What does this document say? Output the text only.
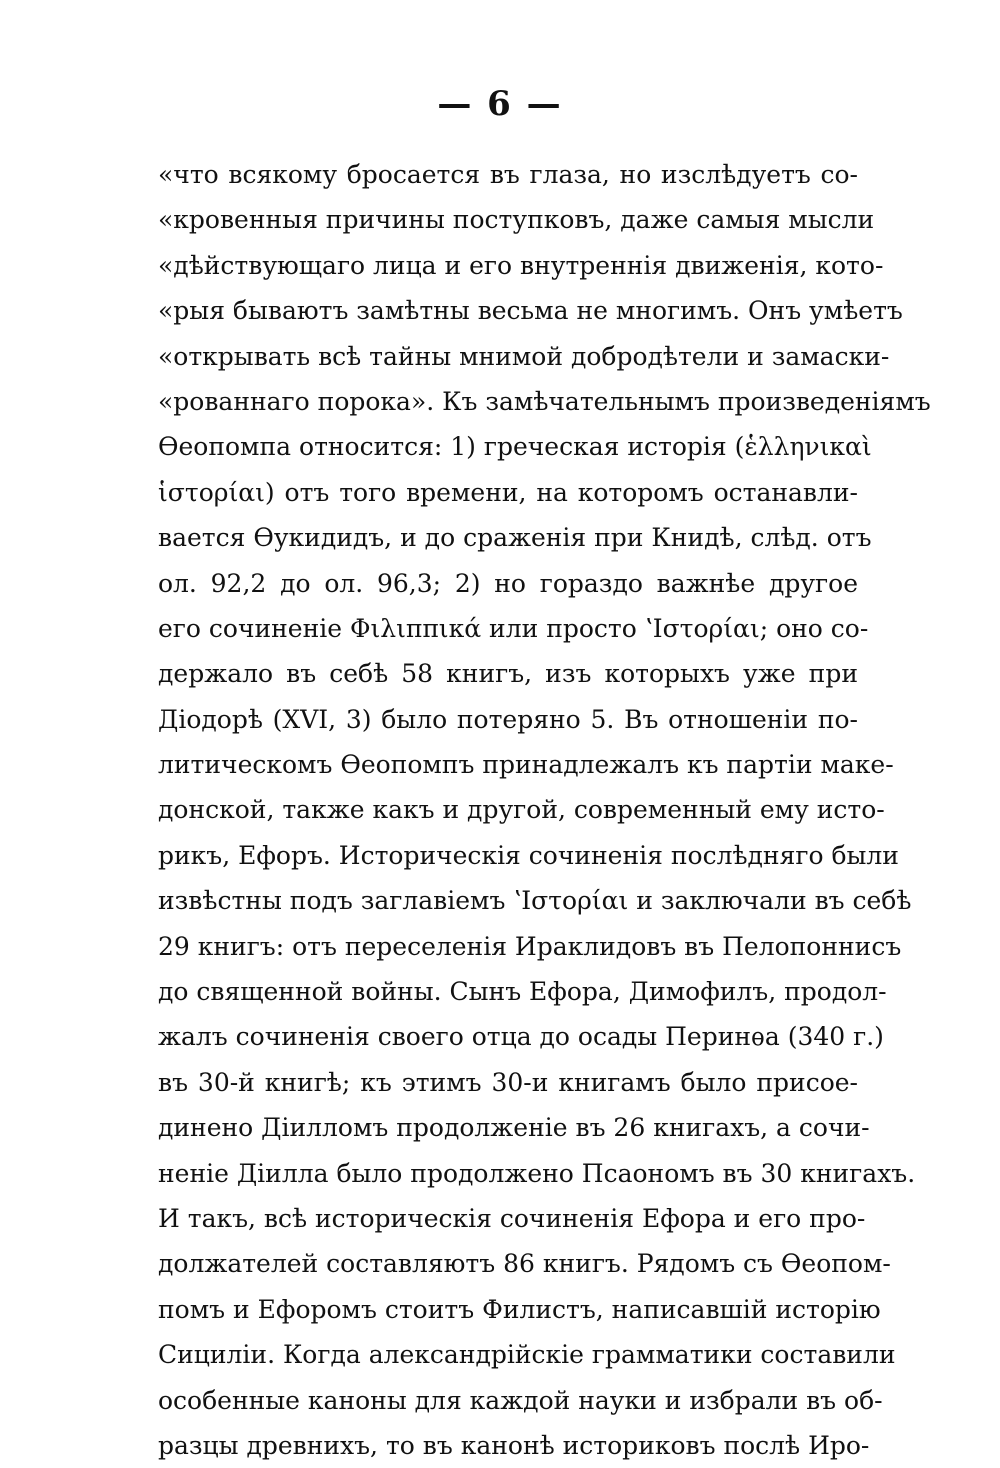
— 6 —
«что всякому бросается въ глаза, но изслѣдуетъ со-
«кровенныя причины поступковъ, даже самыя мысли
«дѣйствующаго лица и его внутреннія движенія, кото-
«рыя бываютъ замѣтны весьма не многимъ. Онъ умѣетъ
«открывать всѣ тайны мнимой добродѣтели и замаски-
«рованнаго порока». Къ замѣчательнымъ произведеніямъ
Ѳеопомпа относится: 1) греческая исторія (ἑλληνικαὶ
ἱστορίαι) отъ того времени, на которомъ останавли-
вается Ѳукидидъ, и до сраженія при Книдѣ, слѣд. отъ
ол. 92,2 до ол. 96,3; 2) но гораздо важнѣе другое
его сочиненіе Φιλιππικά или просто ʽΙστορίαι; оно со-
держало въ себѣ 58 книгъ, изъ которыхъ уже при
Діодорѣ (XVI, 3) было потеряно 5. Въ отношеніи по-
литическомъ Ѳеопомпъ принадлежалъ къ партіи маке-
донской, также какъ и другой, современный ему исто-
рикъ, Ефоръ. Историческія сочиненія послѣдняго были
извѣстны подъ заглавіемъ ʽΙστορίαι и заключали въ себѣ
29 книгъ: отъ переселенія Ираклидовъ въ Пелопоннисъ
до священной войны. Сынъ Ефора, Димофилъ, продол-
жалъ сочиненія своего отца до осады Перинѳа (340 г.)
въ 30-й книгѣ; къ этимъ 30-и книгамъ было присое-
динено Діилломъ продолженіе въ 26 книгахъ, а сочи-
неніе Діилла было продолжено Псаономъ въ 30 книгахъ.
И такъ, всѣ историческія сочиненія Ефора и его про-
должателей составляютъ 86 книгъ. Рядомъ съ Ѳеопом-
помъ и Ефоромъ стоитъ Филистъ, написавшій исторію
Сициліи. Когда александрійскіе грамматики составили
особенные каноны для каждой науки и избрали въ об-
разцы древнихъ, то въ канонѣ историковъ послѣ Иро-
